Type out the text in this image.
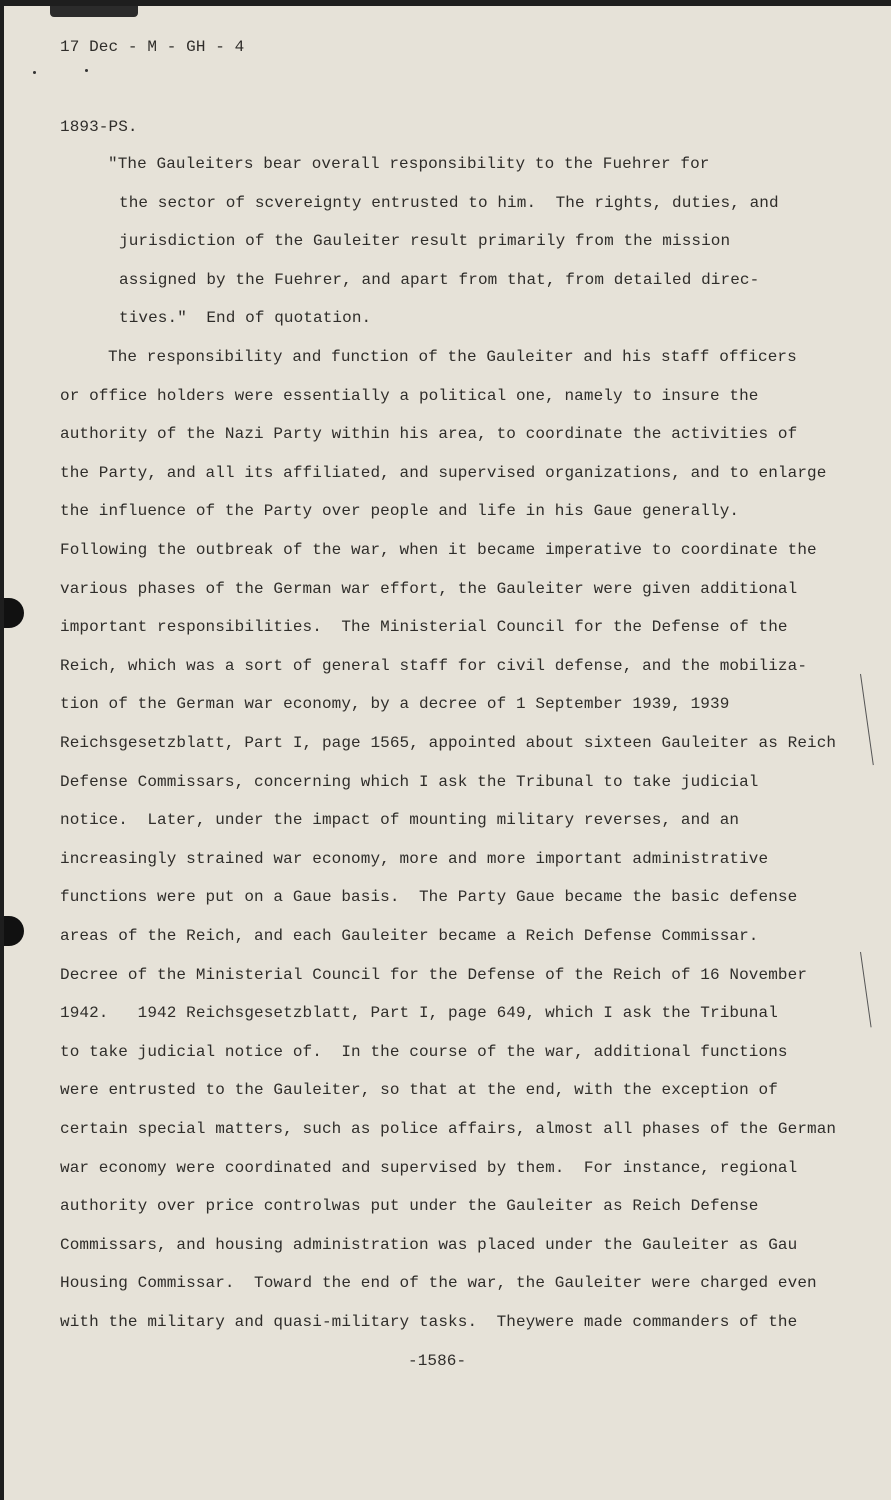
17 Dec - M - GH - 4
1893-PS.
"The Gauleiters bear overall responsibility to the Fuehrer for
the sector of scvereignty entrusted to him.  The rights, duties, and
jurisdiction of the Gauleiter result primarily from the mission
assigned by the Fuehrer, and apart from that, from detailed direc-
tives."  End of quotation.
The responsibility and function of the Gauleiter and his staff officers
or office holders were essentially a political one, namely to insure the
authority of the Nazi Party within his area, to coordinate the activities of
the Party, and all its affiliated, and supervised organizations, and to enlarge
the influence of the Party over people and life in his Gaue generally.
Following the outbreak of the war, when it became imperative to coordinate the
various phases of the German war effort, the Gauleiter were given additional
important responsibilities.  The Ministerial Council for the Defense of the
Reich, which was a sort of general staff for civil defense, and the mobiliza-
tion of the German war economy, by a decree of 1 September 1939, 1939
Reichsgesetzblatt, Part I, page 1565, appointed about sixteen Gauleiter as Reich
Defense Commissars, concerning which I ask the Tribunal to take judicial
notice.  Later, under the impact of mounting military reverses, and an
increasingly strained war economy, more and more important administrative
functions were put on a Gaue basis.  The Party Gaue became the basic defense
areas of the Reich, and each Gauleiter became a Reich Defense Commissar.
Decree of the Ministerial Council for the Defense of the Reich of 16 November
1942.   1942 Reichsgesetzblatt, Part I, page 649, which I ask the Tribunal
to take judicial notice of.  In the course of the war, additional functions
were entrusted to the Gauleiter, so that at the end, with the exception of
certain special matters, such as police affairs, almost all phases of the German
war economy were coordinated and supervised by them.  For instance, regional
authority over price controlwas put under the Gauleiter as Reich Defense
Commissars, and housing administration was placed under the Gauleiter as Gau
Housing Commissar.  Toward the end of the war, the Gauleiter were charged even
with the military and quasi-military tasks.  Theywere made commanders of the
-1586-
